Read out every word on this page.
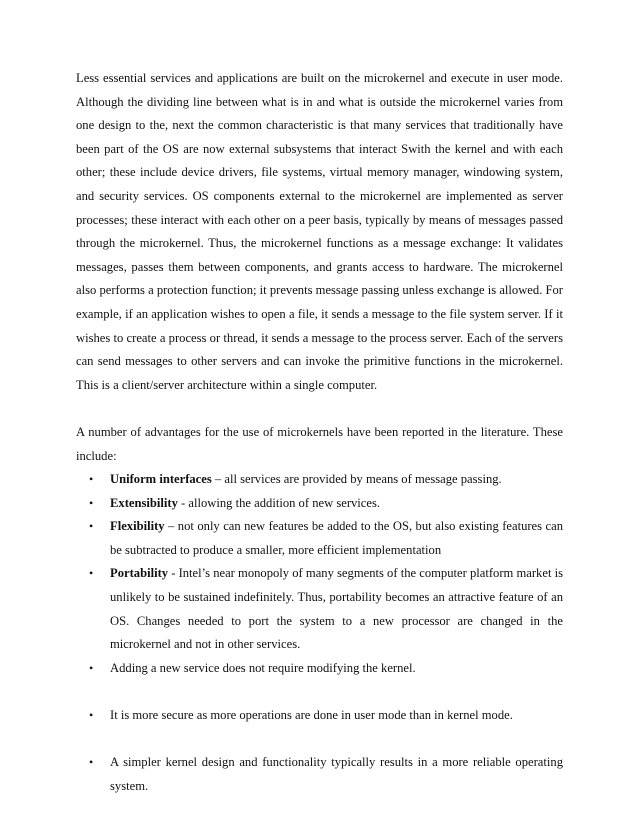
Less essential services and applications are built on the microkernel and execute in user mode. Although the dividing line between what is in and what is outside the microkernel varies from one design to the, next the common characteristic is that many services that traditionally have been part of the OS are now external subsystems that interact Swith the kernel and with each other; these include device drivers, file systems, virtual memory manager, windowing system, and security services. OS components external to the microkernel are implemented as server processes; these interact with each other on a peer basis, typically by means of messages passed through the microkernel. Thus, the microkernel functions as a message exchange: It validates messages, passes them between components, and grants access to hardware. The microkernel also performs a protection function; it prevents message passing unless exchange is allowed. For example, if an application wishes to open a file, it sends a message to the file system server. If it wishes to create a process or thread, it sends a message to the process server. Each of the servers can send messages to other servers and can invoke the primitive functions in the microkernel. This is a client/server architecture within a single computer.

A number of advantages for the use of microkernels have been reported in the literature. These include:

• Uniform interfaces – all services are provided by means of message passing.
• Extensibility - allowing the addition of new services.
• Flexibility – not only can new features be added to the OS, but also existing features can be subtracted to produce a smaller, more efficient implementation
• Portability - Intel’s near monopoly of many segments of the computer platform market is unlikely to be sustained indefinitely. Thus, portability becomes an attractive feature of an OS. Changes needed to port the system to a new processor are changed in the microkernel and not in other services.
• Adding a new service does not require modifying the kernel.
• It is more secure as more operations are done in user mode than in kernel mode.
• A simpler kernel design and functionality typically results in a more reliable operating system.
